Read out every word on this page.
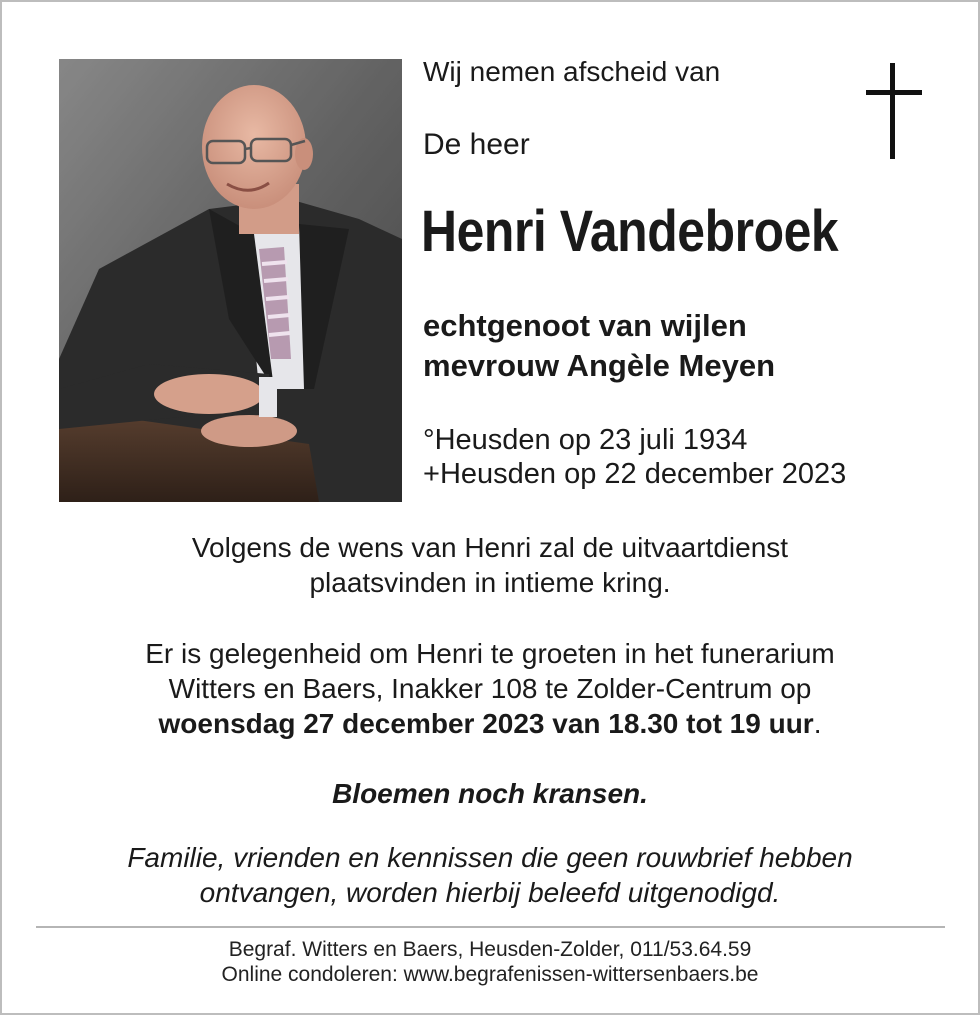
Wij nemen afscheid van
De heer
Henri Vandebroek
echtgenoot van wijlen
mevrouw Angèle Meyen
°Heusden op 23 juli 1934
+Heusden op 22 december 2023
Volgens de wens van Henri zal de uitvaartdienst
plaatsvinden in intieme kring.
Er is gelegenheid om Henri te groeten in het funerarium
Witters en Baers, Inakker 108 te Zolder-Centrum op
woensdag 27 december 2023 van 18.30 tot 19 uur.
Bloemen noch kransen.
Familie, vrienden en kennissen die geen rouwbrief hebben
ontvangen, worden hierbij beleefd uitgenodigd.
Begraf. Witters en Baers, Heusden-Zolder, 011/53.64.59
Online condoleren: www.begrafenissen-wittersenbaers.be
